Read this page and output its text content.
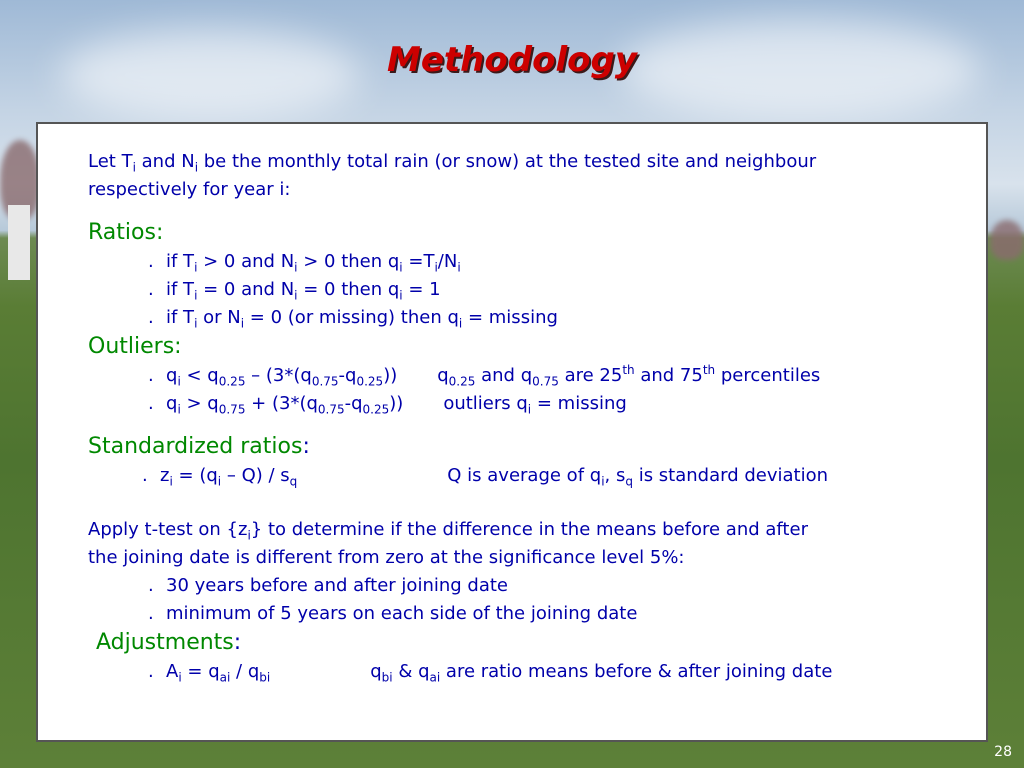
Methodology

Let $T_i$ and $N_i$ be the monthly total rain (or snow) at the tested site and neighbour
respectively for year i:

Ratios:

. if $T_i > 0$ and $N_i > 0$ then $q_i =T_i/N_i$

. if $T_i = 0$ and $N_i = 0$ then $q_i = 1$

. if $T_i$ or $N_i = 0$ (or missing) then $q_i = missing$

Outliers:

. $q_i < q_{0.25} - (3*(q_{0.75}-q_{0.25}))$ $q_{0.25}$ and $q_{0.75}$ are 25th and 75th percentiles

. $q_i > q_{0.75} + (3*(q_{0.75}-q_{0.25}))$ outliers $q_i = missing$

Standardized ratios:

. $z_i = (q_i - Q) / s_q$	Q is average of $q_i$, $s_q$ is standard deviation

Apply t-test on $\{z_i\}$ to determine if the difference in the means before and after
the joining date is different from zero at the significance level 5%:

. 30 years before and after joining date

. minimum of 5 years on each side of the joining date

Adjustments:

. $A_i = q_{ai} / q_{bi}$	$q_{bi}$ & $q_{ai}$ are ratio means before & after joining date

28
